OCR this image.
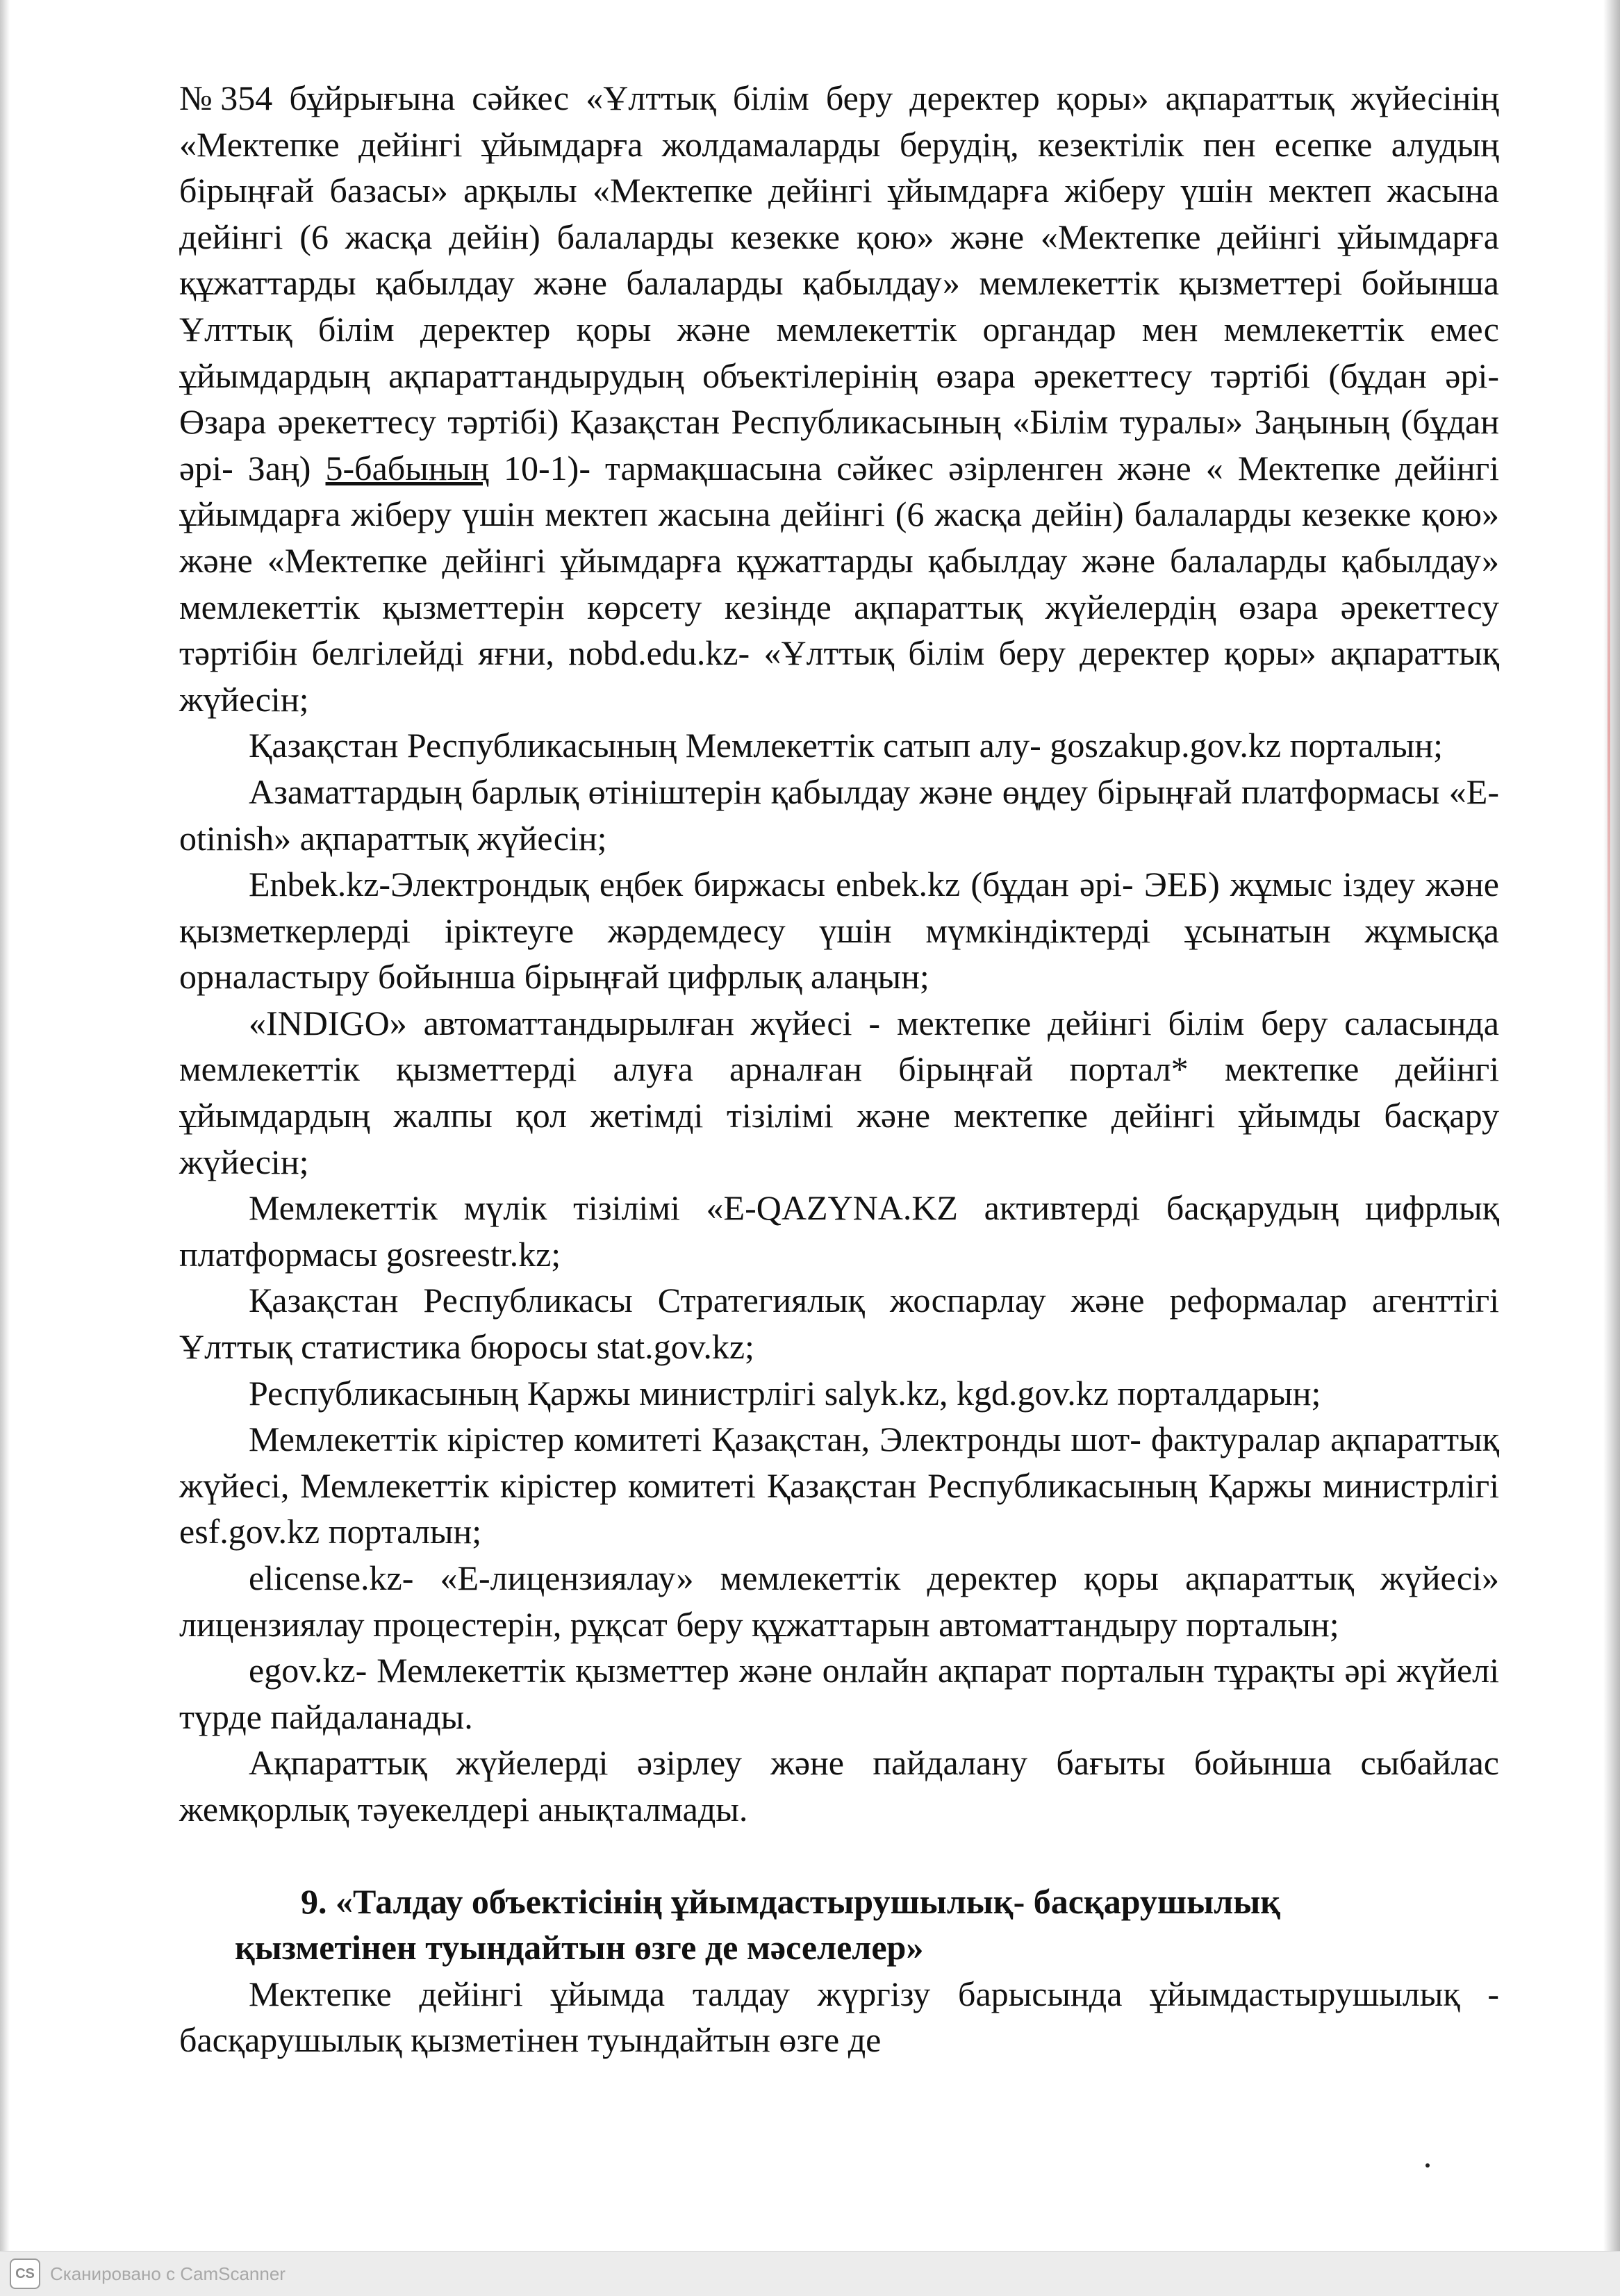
№354 бұйрығына сәйкес «Ұлттық білім беру деректер қоры» ақпараттық жүйесінің «Мектепке дейінгі ұйымдарға жолдамаларды берудің, кезектілік пен есепке алудың бірыңғай базасы» арқылы «Мектепке дейінгі ұйымдарға жіберу үшін мектеп жасына дейінгі (6 жасқа дейін) балаларды кезекке қою» және «Мектепке дейінгі ұйымдарға құжаттарды қабылдау және балаларды қабылдау» мемлекеттік қызметтері бойынша Ұлттық білім деректер қоры және мемлекеттік органдар мен мемлекеттік емес ұйымдардың ақпараттандырудың объектілерінің өзара әрекеттесу тәртібі (бұдан әрі- Өзара әрекеттесу тәртібі) Қазақстан Республикасының «Білім туралы» Заңының (бұдан әрі- Заң) 5-бабының 10-1)- тармақшасына сәйкес әзірленген және « Мектепке дейінгі ұйымдарға жіберу үшін мектеп жасына дейінгі (6 жасқа дейін) балаларды кезекке қою» және «Мектепке дейінгі ұйымдарға құжаттарды қабылдау және балаларды қабылдау» мемлекеттік қызметтерін көрсету кезінде ақпараттық жүйелердің өзара әрекеттесу тәртібін белгілейді яғни, nobd.edu.kz- «Ұлттық білім беру деректер қоры» ақпараттық жүйесін;

Қазақстан Республикасының Мемлекеттік сатып алу- goszakup.gov.kz порталын;

Азаматтардың барлық өтініштерін қабылдау және өңдеу бірыңғай платформасы «E-otinish» ақпараттық жүйесін;

Enbek.kz-Электрондық еңбек биржасы enbek.kz (бұдан әрі- ЭЕБ) жұмыс іздеу және қызметкерлерді іріктеуге жәрдемдесу үшін мүмкіндіктерді ұсынатын жұмысқа орналастыру бойынша бірыңғай цифрлық алаңын;

«INDIGO» автоматтандырылған жүйесі - мектепке дейінгі білім беру саласында мемлекеттік қызметтерді алуға арналған бірыңғай портал* мектепке дейінгі ұйымдардың жалпы қол жетімді тізілімі және мектепке дейінгі ұйымды басқару жүйесін;

Мемлекеттік мүлік тізілімі «E-QAZYNA.KZ активтерді басқарудың цифрлық платформасы gosreestr.kz;

Қазақстан Республикасы Стратегиялық жоспарлау және реформалар агенттігі Ұлттық статистика бюросы stat.gov.kz;

Республикасының Қаржы министрлігі salyk.kz, kgd.gov.kz порталдарын;

Мемлекеттік кірістер комитеті Қазақстан, Электронды шот- фактуралар ақпараттық жүйесі, Мемлекеттік кірістер комитеті Қазақстан Республикасының Қаржы министрлігі esf.gov.kz порталын;

elicense.kz- «Е-лицензиялау» мемлекеттік деректер қоры ақпараттық жүйесі» лицензиялау процестерін, рұқсат беру құжаттарын автоматтандыру порталын;

egov.kz- Мемлекеттік қызметтер және онлайн ақпарат порталын тұрақты әрі жүйелі түрде пайдаланады.

Ақпараттық жүйелерді әзірлеу және пайдалану бағыты бойынша сыбайлас жемқорлық тәуекелдері анықталмады.

9. «Талдау объектісінің ұйымдастырушылық- басқарушылық

қызметінен туындайтын өзге де мәселелер»

Мектепке дейінгі ұйымда талдау жүргізу барысында ұйымдастырушылық - басқарушылық қызметінен туындайтын өзге де

CS Сканировано с CamScanner
